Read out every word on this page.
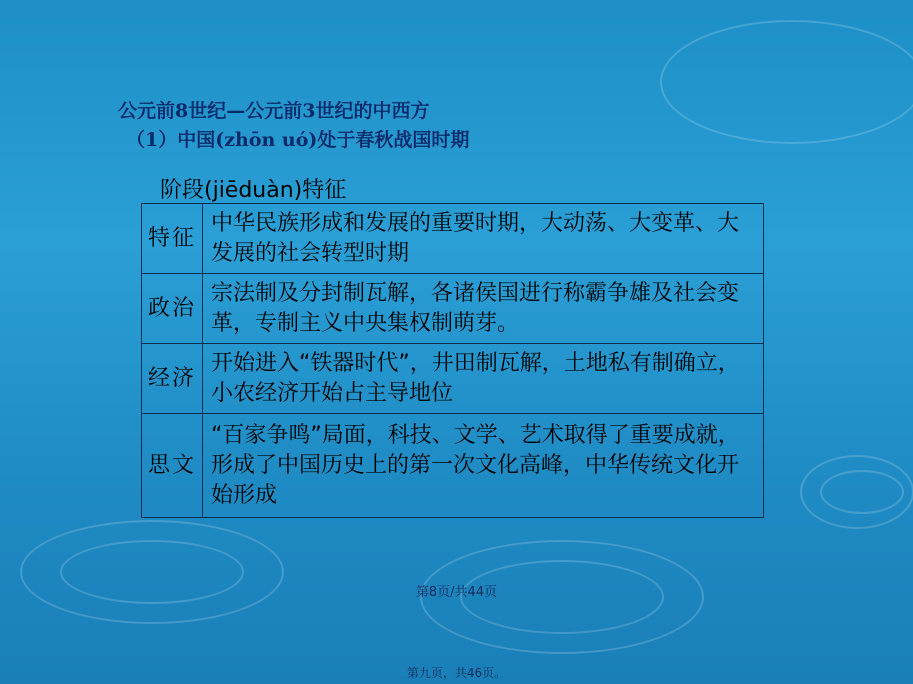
公元前8世纪—公元前3世纪的中西方
（1）中国(zhōn uó)处于春秋战国时期
阶段(jiēduàn)特征
特征	中华民族形成和发展的重要时期，大动荡、大变革、大发展的社会转型时期
政治	宗法制及分封制瓦解，各诸侯国进行称霸争雄及社会变革，专制主义中央集权制萌芽。
经济	开始进入“铁器时代”，井田制瓦解，土地私有制确立，小农经济开始占主导地位
思文	“百家争鸣”局面，科技、文学、艺术取得了重要成就，形成了中国历史上的第一次文化高峰，中华传统文化开始形成
第8页/共44页
第九页，共46页。
